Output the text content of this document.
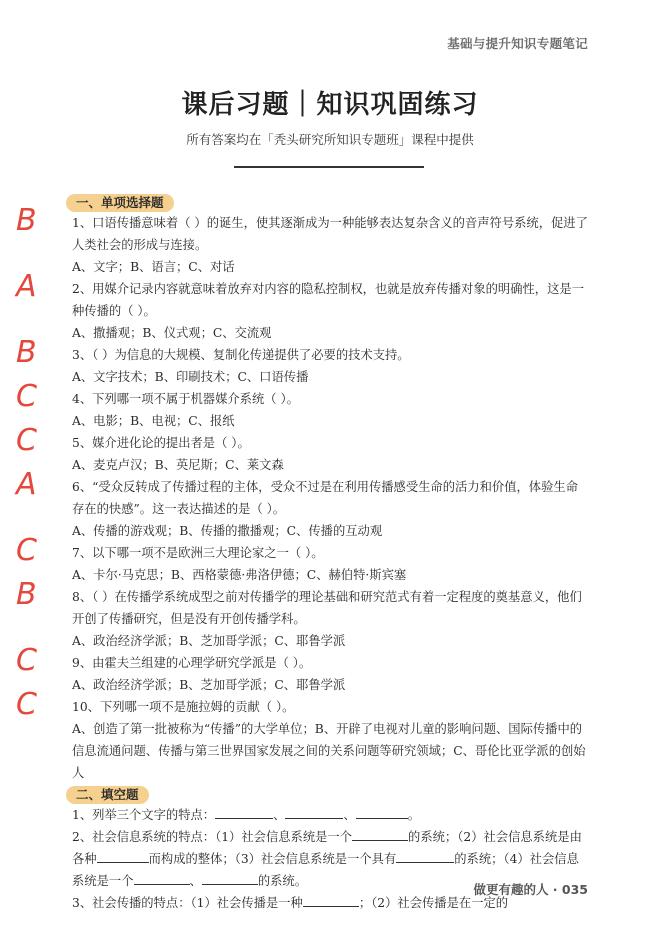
基础与提升知识专题笔记
课后习题｜知识巩固练习
所有答案均在「秃头研究所知识专题班」课程中提供
一、单项选择题
B	1、口语传播意味着（ ）的诞生，使其逐渐成为一种能够表达复杂含义的音声符号系统，促进了人类社会的形成与连接。

A、文字；B、语言；C、对话

A	2、用媒介记录内容就意味着放弃对内容的隐私控制权，也就是放弃传播对象的明确性，这是一种传播的（ ）。

A、撒播观；B、仪式观；C、交流观

B	3、（ ）为信息的大规模、复制化传递提供了必要的技术支持。

A、文字技术；B、印刷技术；C、口语传播

C	4、下列哪一项不属于机器媒介系统（ ）。

A、电影；B、电视；C、报纸

C	5、媒介进化论的提出者是（ ）。

A、麦克卢汉；B、英尼斯；C、莱文森

A	6、“受众反转成了传播过程的主体，受众不过是在利用传播感受生命的活力和价值，体验生命存在的快感”。这一表达描述的是（ ）。

A、传播的游戏观；B、传播的撒播观；C、传播的互动观

C	7、以下哪一项不是欧洲三大理论家之一（ ）。

A、卡尔·马克思；B、西格蒙德·弗洛伊德；C、赫伯特·斯宾塞

B	8、（ ）在传播学系统成型之前对传播学的理论基础和研究范式有着一定程度的奠基意义，他们开创了传播研究，但是没有开创传播学科。

A、政治经济学派；B、芝加哥学派；C、耶鲁学派

C	9、由霍夫兰组建的心理学研究学派是（ ）。

A、政治经济学派；B、芝加哥学派；C、耶鲁学派

C	10、下列哪一项不是施拉姆的贡献（ ）。

A、创造了第一批被称为“传播”的大学单位；B、开辟了电视对儿童的影响问题、国际传播中的信息流通问题、传播与第三世界国家发展之间的关系问题等研究领域；C、哥伦比亚学派的创始人

二、填空题

1、列举三个文字的特点：	、	、	。

2、社会信息系统的特点：（1）社会信息系统是一个	的系统；（2）社会信息系统是由各种	而构成的整体；（3）社会信息系统是一个具有	的系统；（4）社会信息系统是一个	、	的系统。

3、社会传播的特点：（1）社会传播是一种	；（2）社会传播是在一定的

做更有趣的人 · 035
